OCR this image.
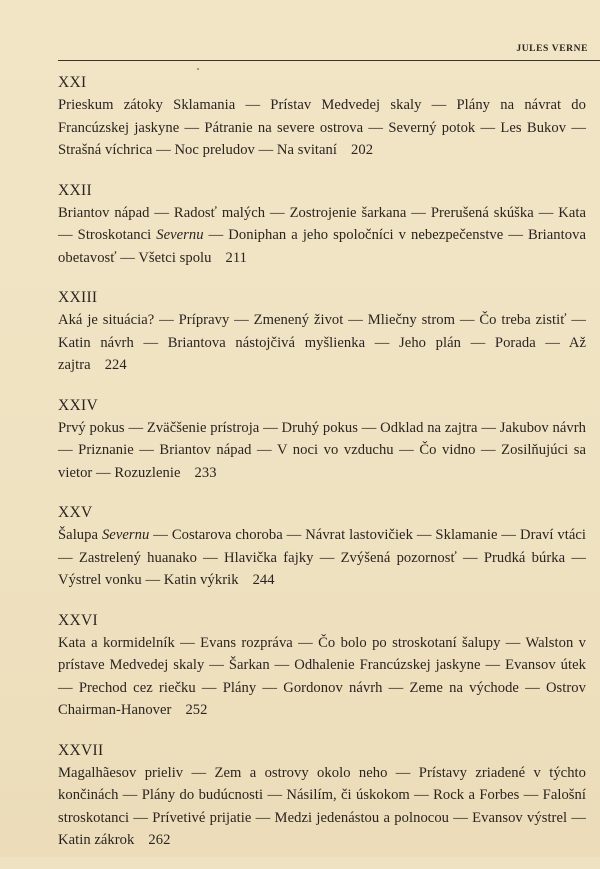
JULES VERNE
XXI
Prieskum zátoky Sklamania — Prístav Medvedej skaly — Plány na návrat do Francúzskej jaskyne — Pátranie na severe ostrova — Severný potok — Les Bukov — Strašná víchrica — Noc preludov — Na svitaní 202
XXII
Briantov nápad — Radosť malých — Zostrojenie šarkana — Prerušená skúška — Kata — Stroskotanci Severnu — Doniphan a jeho spoločníci v nebezpečenstve — Briantova obetavosť — Všetci spolu 211
XXIII
Aká je situácia? — Prípravy — Zmenený život — Mliečny strom — Čo treba zistiť — Katin návrh — Briantova nástojčivá myšlienka — Jeho plán — Porada — Až zajtra 224
XXIV
Prvý pokus — Zväčšenie prístroja — Druhý pokus — Odklad na zajtra — Jakubov návrh — Priznanie — Briantov nápad — V noci vo vzduchu — Čo vidno — Zosilňujúci sa vietor — Rozuzlenie 233
XXV
Šalupa Severnu — Costarova choroba — Návrat lastovičiek — Sklamanie — Draví vtáci — Zastrelený huanako — Hlavička fajky — Zvýšená pozornosť — Prudká búrka — Výstrel vonku — Katin výkrik 244
XXVI
Kata a kormidelník — Evans rozpráva — Čo bolo po stroskotaní šalupy — Walston v prístave Medvedej skaly — Šarkan — Odhalenie Francúzskej jaskyne — Evansov útek — Prechod cez riečku — Plány — Gordonov návrh — Zeme na východe — Ostrov Chairman-Hanover 252
XXVII
Magalhãesov prieliv — Zem a ostrovy okolo neho — Prístavy zriadené v týchto končinách — Plány do budúcnosti — Násilím, či úskokom — Rock a Forbes — Falošní stroskotanci — Prívetivé prijatie — Medzi jedenástou a polnocou — Evansov výstrel — Katin zákrok 262
